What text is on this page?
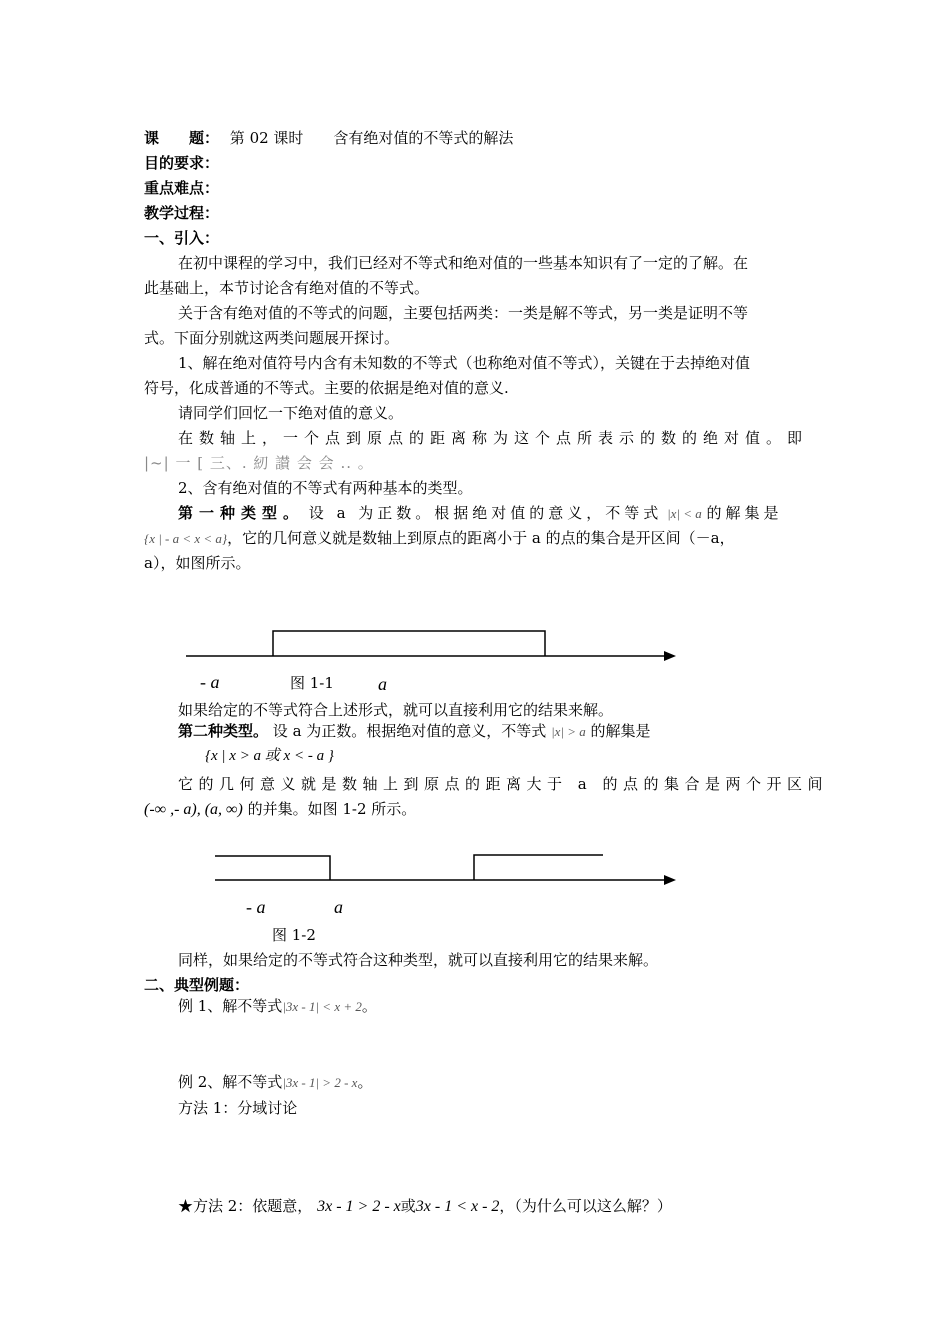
课　　题： 第 02 课时　　含有绝对值的不等式的解法
目的要求：
重点难点：
教学过程：
一、引入：
在初中课程的学习中，我们已经对不等式和绝对值的一些基本知识有了一定的了解。在
此基础上，本节讨论含有绝对值的不等式。
关于含有绝对值的不等式的问题，主要包括两类：一类是解不等式，另一类是证明不等
式。下面分别就这两类问题展开探讨。
1、解在绝对值符号内含有未知数的不等式（也称绝对值不等式），关键在于去掉绝对值
符号，化成普通的不等式。主要的依据是绝对值的意义.
请同学们回忆一下绝对值的意义。
在数轴上，一个点到原点的距离称为这个点所表示的数的绝对值。即
|~| 一 [ 三、. 紉 讃 会 会 .. 。
2、含有绝对值的不等式有两种基本的类型。
第一种类型。 设 a 为正数。根据绝对值的意义，不等式 |x| < a 的解集是
{x | - a < x < a}，它的几何意义就是数轴上到原点的距离小于 a 的点的集合是开区间（－a，
a），如图所示。
- a	图 1-1 a
如果给定的不等式符合上述形式，就可以直接利用它的结果来解。
第二种类型。 设 a 为正数。根据绝对值的意义，不等式 |x| > a 的解集是
{x | x > a 或 x < - a }
它的几何意义就是数轴上到原点的距离大于 a 的点的集合是两个开区间
(-∞ ,- a), (a, ∞) 的并集。如图 1-2 所示。
- a	a
图 1-2
同样，如果给定的不等式符合这种类型，就可以直接利用它的结果来解。
二、典型例题：
例 1、解不等式|3x - 1| < x + 2。
例 2、解不等式|3x - 1| > 2 - x。
方法 1：分域讨论
★方法 2：依题意， 3x - 1 > 2 - x或3x - 1 < x - 2，（为什么可以这么解？）
